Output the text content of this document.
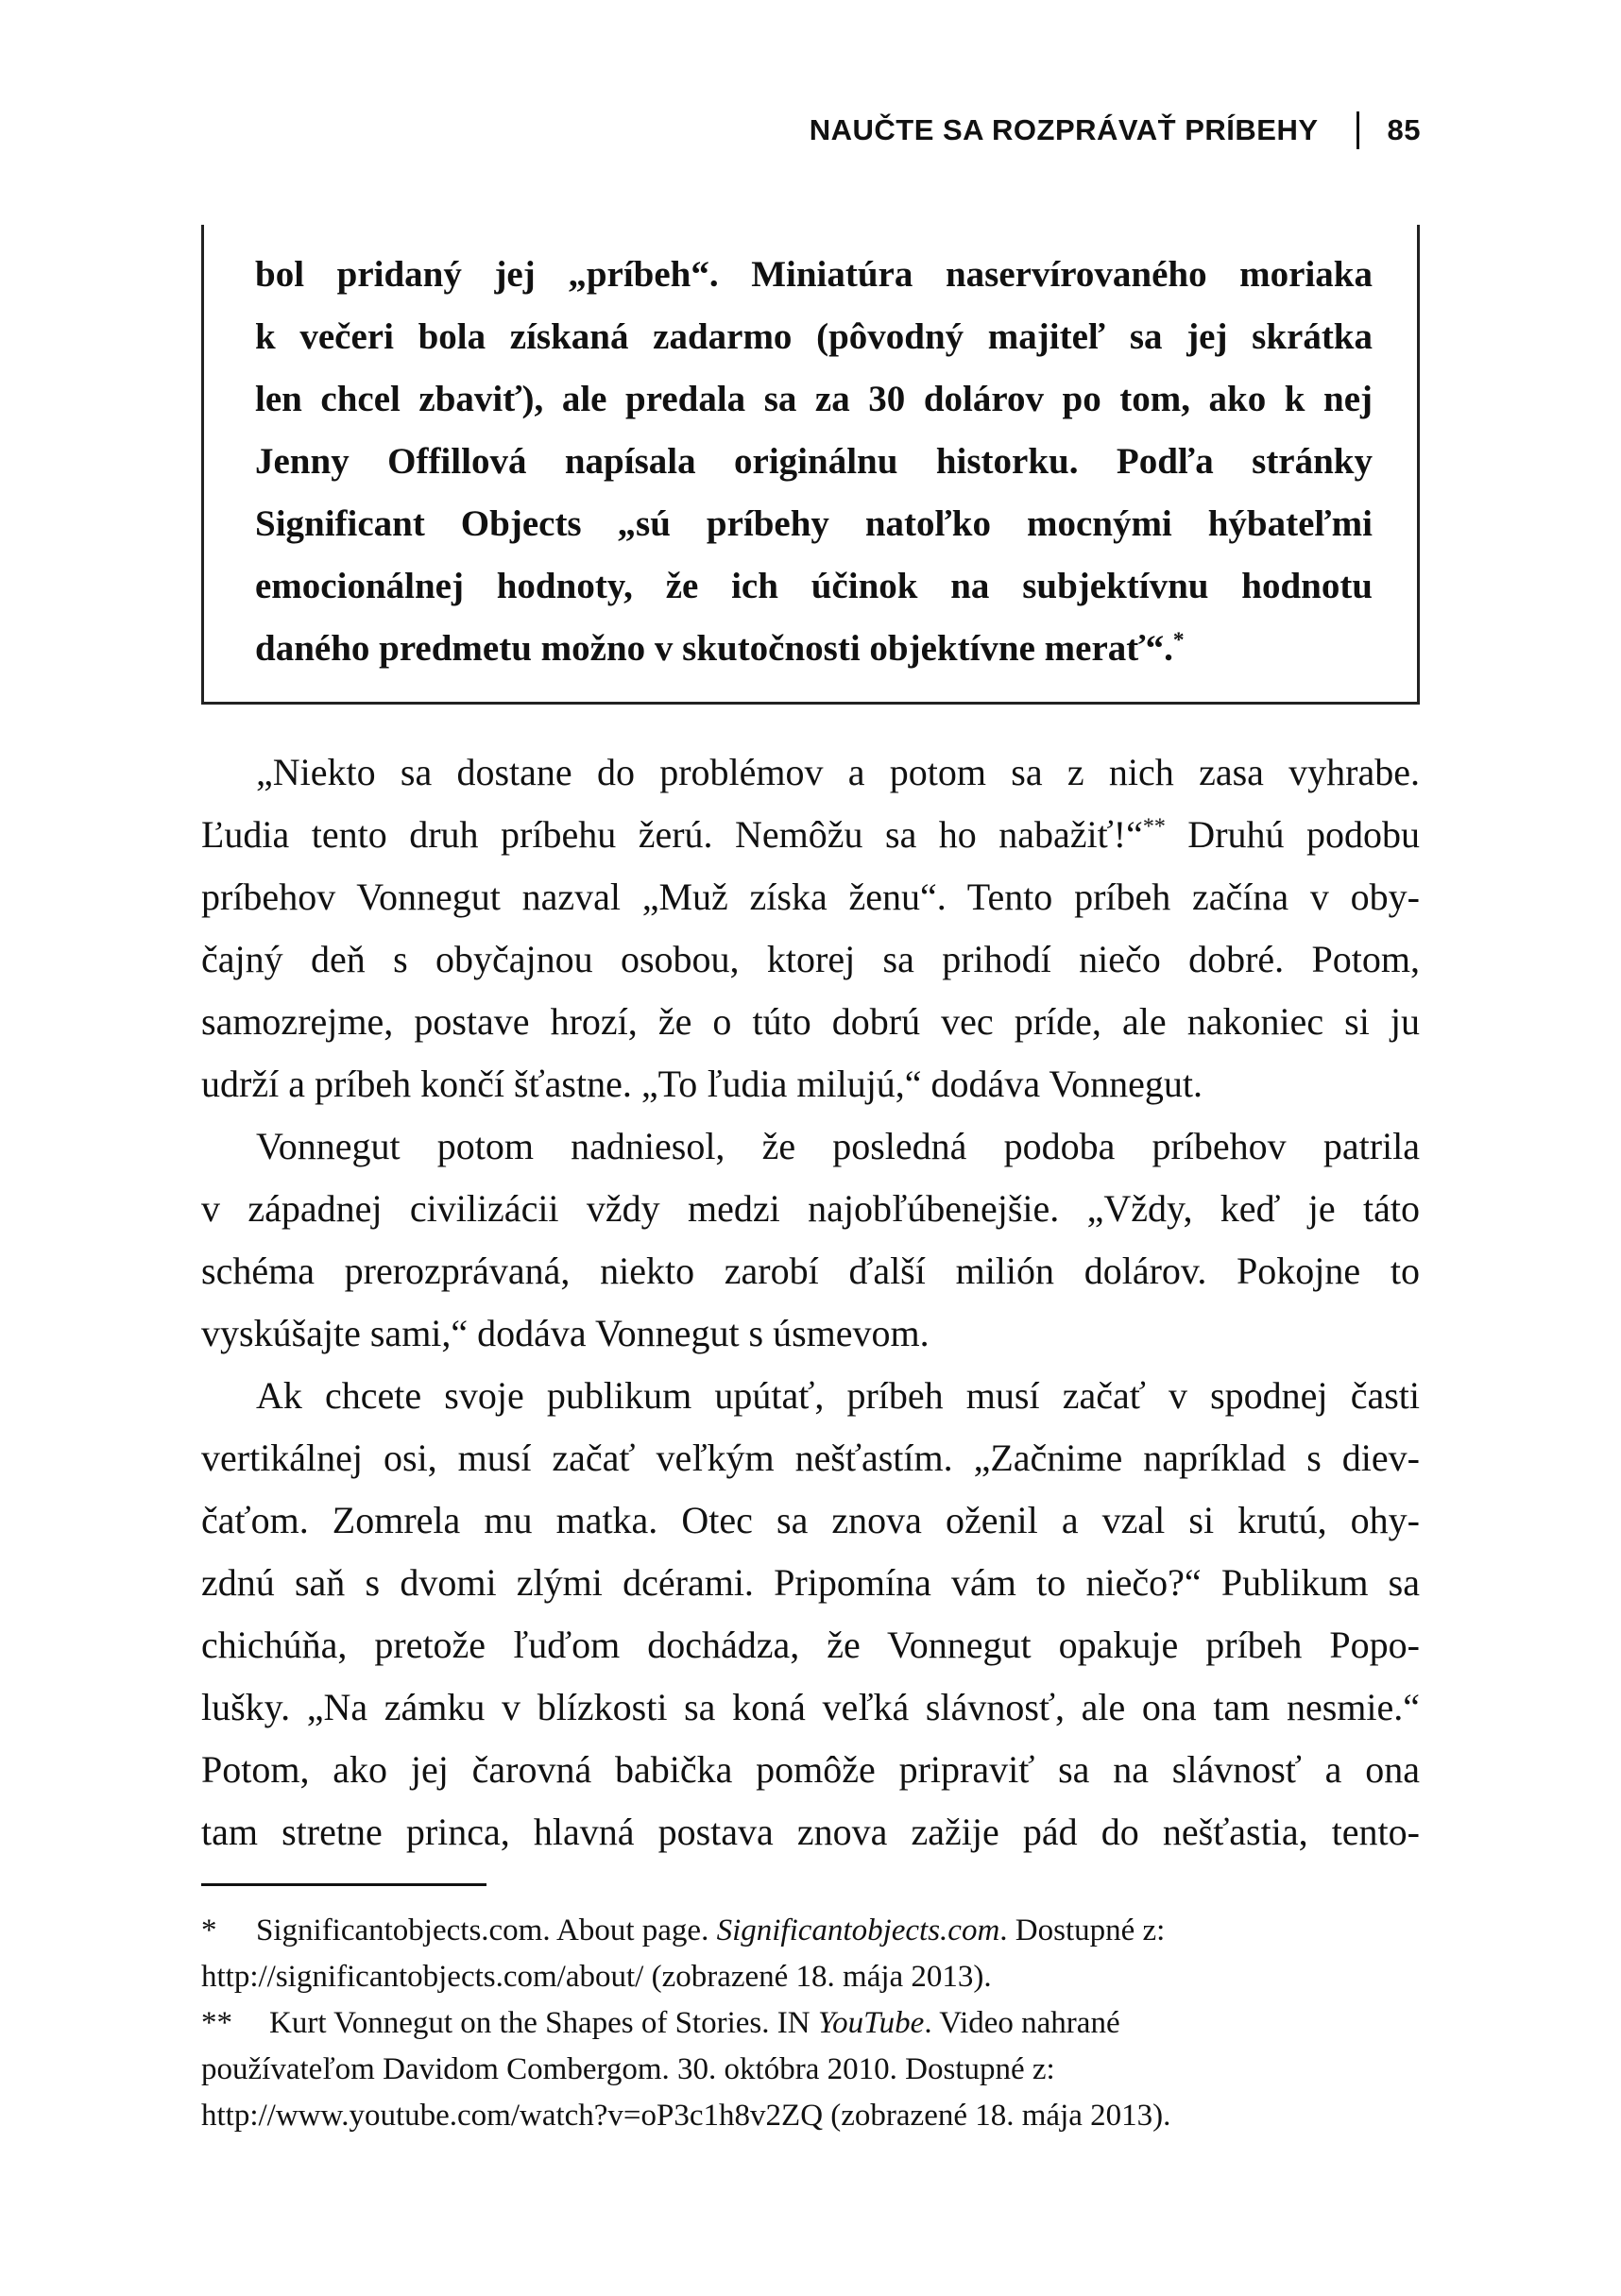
NAUČTE SA ROZPRÁVAŤ PRÍBEHY 85
bol pridaný jej „príbeh“. Miniatúra naservírovaného moriaka
k večeri bola získaná zadarmo (pôvodný majiteľ sa jej skrátka
len chcel zbaviť), ale predala sa za 30 dolárov po tom, ako k nej
Jenny Offillová napísala originálnu historku. Podľa stránky
Significant Objects „sú príbehy natoľko mocnými hýbateľmi
emocionálnej hodnoty, že ich účinok na subjektívnu hodnotu
daného predmetu možno v skutočnosti objektívne merať“.*
„Niekto sa dostane do problémov a potom sa z nich zasa vyhrabe.
Ľudia tento druh príbehu žerú. Nemôžu sa ho nabažiť!“** Druhú podobu
príbehov Vonnegut nazval „Muž získa ženu“. Tento príbeh začína v oby-
čajný deň s obyčajnou osobou, ktorej sa prihodí niečo dobré. Potom,
samozrejme, postave hrozí, že o túto dobrú vec príde, ale nakoniec si ju
udrží a príbeh končí šťastne. „To ľudia milujú,“ dodáva Vonnegut.
Vonnegut potom nadniesol, že posledná podoba príbehov patrila
v západnej civilizácii vždy medzi najobľúbenejšie. „Vždy, keď je táto
schéma prerozprávaná, niekto zarobí ďalší milión dolárov. Pokojne to
vyskúšajte sami,“ dodáva Vonnegut s úsmevom.
Ak chcete svoje publikum upútať, príbeh musí začať v spodnej časti
vertikálnej osi, musí začať veľkým nešťastím. „Začnime napríklad s diev-
čaťom. Zomrela mu matka. Otec sa znova oženil a vzal si krutú, ohy-
zdnú saň s dvomi zlými dcérami. Pripomína vám to niečo?“ Publikum sa
chichúňa, pretože ľuďom dochádza, že Vonnegut opakuje príbeh Popo-
lušky. „Na zámku v blízkosti sa koná veľká slávnosť, ale ona tam nesmie.“
Potom, ako jej čarovná babička pomôže pripraviť sa na slávnosť a ona
tam stretne princa, hlavná postava znova zažije pád do nešťastia, tento-
* Significantobjects.com. About page. Significantobjects.com. Dostupné z:
http://significantobjects.com/about/ (zobrazené 18. mája 2013).
** Kurt Vonnegut on the Shapes of Stories. IN YouTube. Video nahrané
používateľom Davidom Combergom. 30. októbra 2010. Dostupné z:
http://www.youtube.com/watch?v=oP3c1h8v2ZQ (zobrazené 18. mája 2013).
